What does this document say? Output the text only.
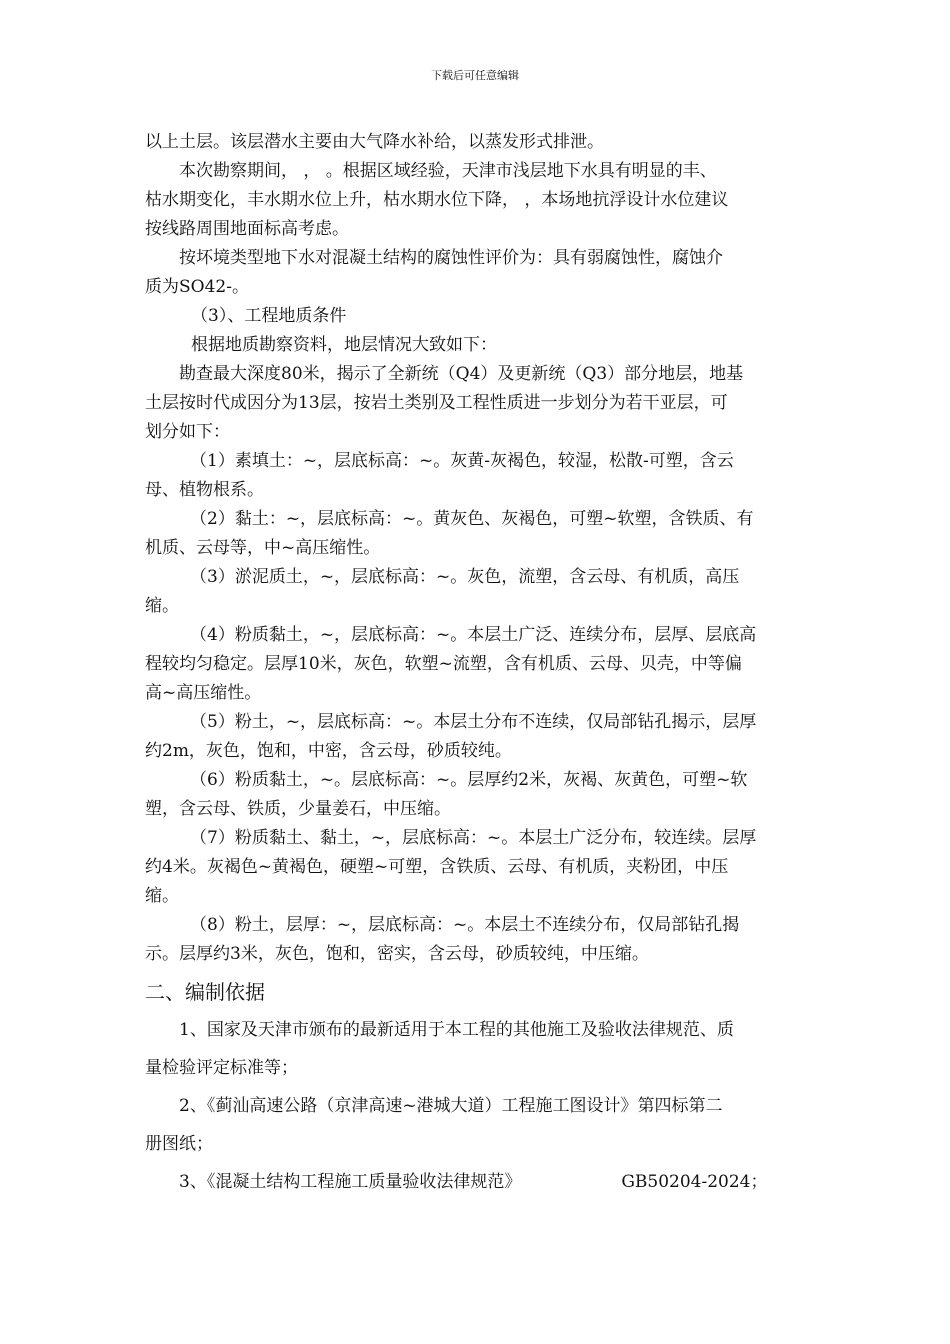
下载后可任意编辑

以上土层。该层潜水主要由大气降水补给，以蒸发形式排泄。

本次勘察期间， ， 。根据区域经验，天津市浅层地下水具有明显的丰、

枯水期变化，丰水期水位上升，枯水期水位下降， ，本场地抗浮设计水位建议

按线路周围地面标高考虑。

按坏境类型地下水对混凝土结构的腐蚀性评价为：具有弱腐蚀性，腐蚀介

质为SO42-。

（3）、工程地质条件

根据地质勘察资料，地层情况大致如下：

勘查最大深度80米，揭示了全新统（Q4）及更新统（Q3）部分地层，地基

土层按时代成因分为13层，按岩土类别及工程性质进一步划分为若干亚层，可

划分如下：

（1）素填土：~，层底标高：~。灰黄-灰褐色，较湿，松散-可塑，含云

母、植物根系。

（2）黏土：~，层底标高：~。黄灰色、灰褐色，可塑~软塑，含铁质、有

机质、云母等，中~高压缩性。

（3）淤泥质土，~，层底标高：~。灰色，流塑，含云母、有机质，高压

缩。

（4）粉质黏土，~，层底标高：~。本层土广泛、连续分布，层厚、层底高

程较均匀稳定。层厚10米，灰色，软塑~流塑，含有机质、云母、贝壳，中等偏

高~高压缩性。

（5）粉土，~，层底标高：~。本层土分布不连续，仅局部钻孔揭示，层厚

约2m，灰色，饱和，中密，含云母，砂质较纯。

（6）粉质黏土，~。层底标高：~。层厚约2米，灰褐、灰黄色，可塑~软

塑，含云母、铁质，少量姜石，中压缩。

（7）粉质黏土、黏土，~，层底标高：~。本层土广泛分布，较连续。层厚

约4米。灰褐色~黄褐色，硬塑~可塑，含铁质、云母、有机质，夹粉团，中压

缩。

（8）粉土，层厚：~，层底标高：~。本层土不连续分布，仅局部钻孔揭

示。层厚约3米，灰色，饱和，密实，含云母，砂质较纯，中压缩。

二、编制依据

1、国家及天津市颁布的最新适用于本工程的其他施工及验收法律规范、质

量检验评定标准等；

2、《蓟汕高速公路（京津高速~港城大道）工程施工图设计》第四标第二

册图纸；

3、《混凝土结构工程施工质量验收法律规范》	GB50204-2024；
